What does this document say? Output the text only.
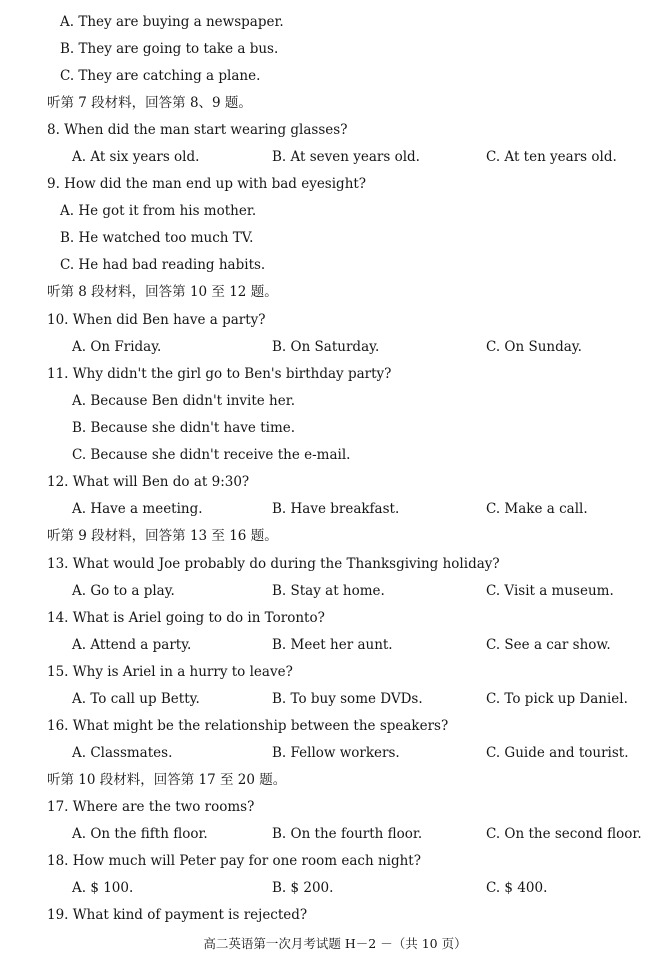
A. They are buying a newspaper.
B. They are going to take a bus.
C. They are catching a plane.
听第 7 段材料，回答第 8、9 题。
8. When did the man start wearing glasses?
A. At six years old.	B. At seven years old.	C. At ten years old.
9. How did the man end up with bad eyesight?
A. He got it from his mother.
B. He watched too much TV.
C. He had bad reading habits.
听第 8 段材料，回答第 10 至 12 题。
10. When did Ben have a party?
A. On Friday.	B. On Saturday.	C. On Sunday.
11. Why didn't the girl go to Ben's birthday party?
A. Because Ben didn't invite her.
B. Because she didn't have time.
C. Because she didn't receive the e-mail.
12. What will Ben do at 9:30?
A. Have a meeting.	B. Have breakfast.	C. Make a call.
听第 9 段材料，回答第 13 至 16 题。
13. What would Joe probably do during the Thanksgiving holiday?
A. Go to a play.	B. Stay at home.	C. Visit a museum.
14. What is Ariel going to do in Toronto?
A. Attend a party.	B. Meet her aunt.	C. See a car show.
15. Why is Ariel in a hurry to leave?
A. To call up Betty.	B. To buy some DVDs.	C. To pick up Daniel.
16. What might be the relationship between the speakers?
A. Classmates.	B. Fellow workers.	C. Guide and tourist.
听第 10 段材料，回答第 17 至 20 题。
17. Where are the two rooms?
A. On the fifth floor.	B. On the fourth floor.	C. On the second floor.
18. How much will Peter pay for one room each night?
A. $ 100.	B. $ 200.	C. $ 400.
19. What kind of payment is rejected?
高二英语第一次月考试题 H－2 －（共 10 页）
